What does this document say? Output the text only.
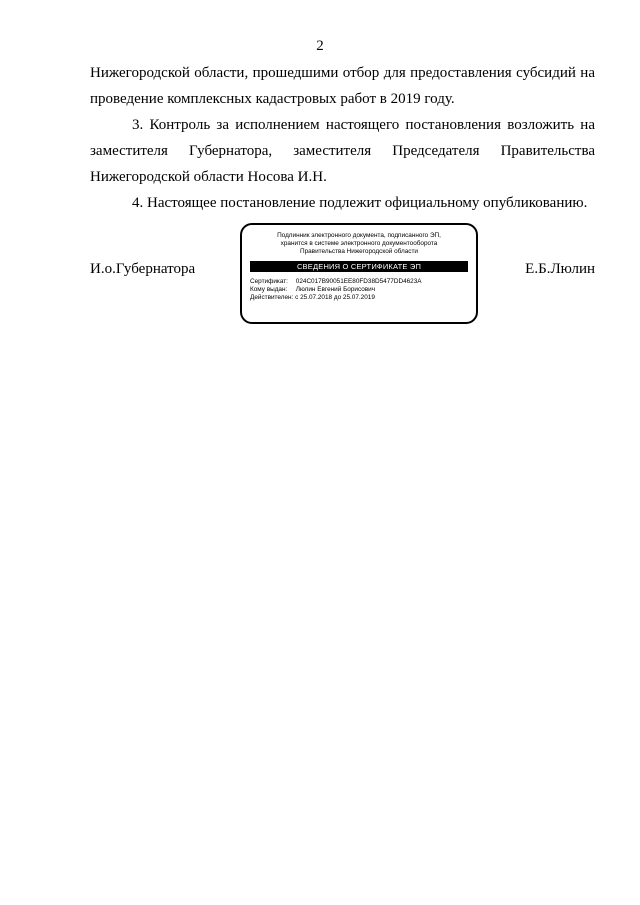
2

Нижегородской области, прошедшими отбор для предоставления субсидий на проведение комплексных кадастровых работ в 2019 году.

3. Контроль за исполнением настоящего постановления возложить на заместителя Губернатора, заместителя Председателя Правительства Нижегородской области Носова И.Н.

4. Настоящее постановление подлежит официальному опубликованию.

И.о.Губернатора
Подлинник электронного документа, подписанного ЭП,
хранится в системе электронного документооборота
Правительства Нижегородской области
СВЕДЕНИЯ О СЕРТИФИКАТЕ ЭП
Сертификат: 024C017B90051EE80FD38D5477DD4623A
Кому выдан: Люлин Евгений Борисович
Действителен: с 25.07.2018 до 25.07.2019
Е.Б.Люлин
